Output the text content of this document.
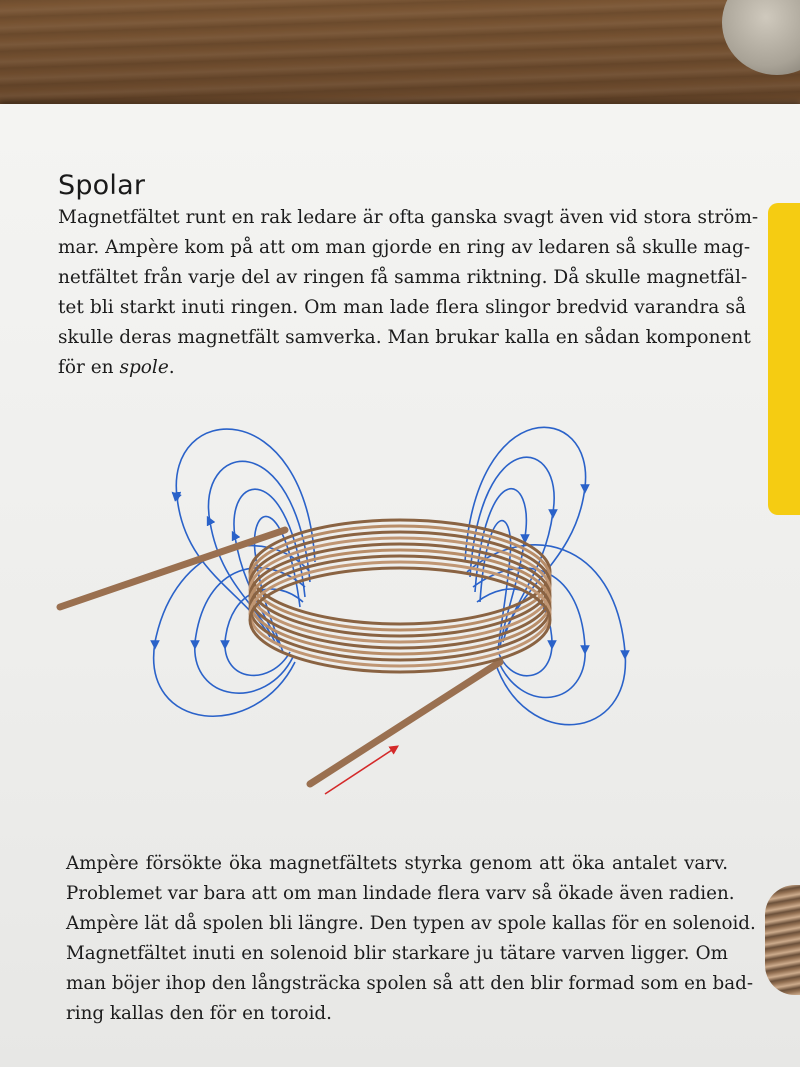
Spolar

Magnetfältet runt en rak ledare är ofta ganska svagt även vid stora ström-
mar. Ampère kom på att om man gjorde en ring av ledaren så skulle mag-
netfältet från varje del av ringen få samma riktning. Då skulle magnetfäl-
tet bli starkt inuti ringen. Om man lade flera slingor bredvid varandra så
skulle deras magnetfält samverka. Man brukar kalla en sådan komponent
för en spole.

Ampère försökte öka magnetfältets styrka genom att öka antalet varv.
Problemet var bara att om man lindade flera varv så ökade även radien.
Ampère lät då spolen bli längre. Den typen av spole kallas för en solenoid.
Magnetfältet inuti en solenoid blir starkare ju tätare varven ligger. Om
man böjer ihop den långsträcka spolen så att den blir formad som en bad-
ring kallas den för en toroid.
